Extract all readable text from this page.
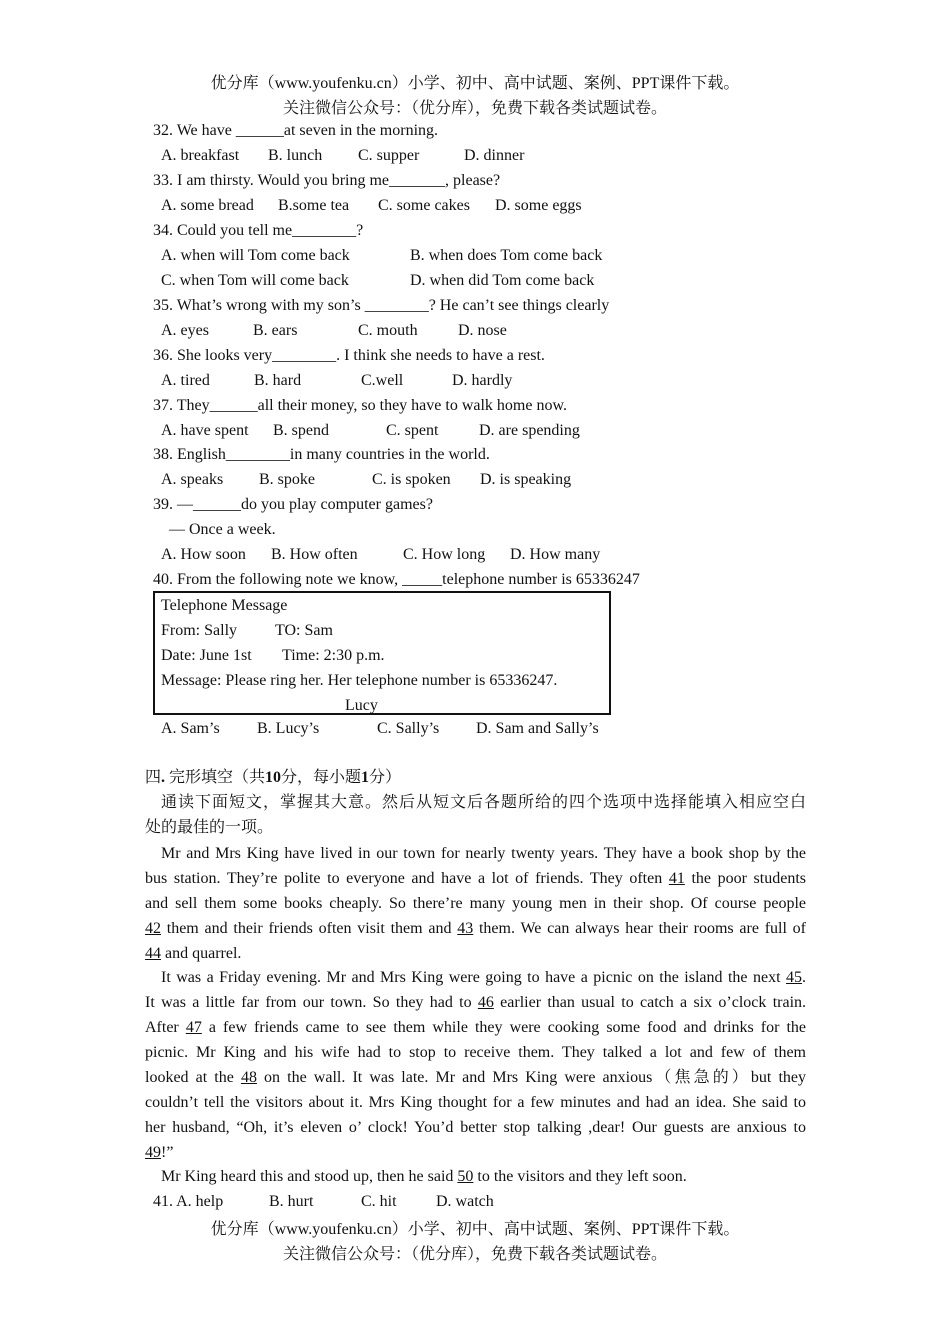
优分库（www.youfenku.cn）小学、初中、高中试题、案例、PPT课件下载。
关注微信公众号：（优分库），免费下载各类试题试卷。
32. We have ______at seven in the morning.
A. breakfast B. lunch C. supper	D. dinner
33. I am thirsty. Would you bring me_______, please?
A. some bread B.some tea C. some cakes D. some eggs
34. Could you tell me________?
A. when will Tom come back	B. when does Tom come back
C. when Tom will come back	D. when did Tom come back
35. What’s wrong with my son’s ________? He can’t see things clearly
A. eyes	B. ears	C. mouth	D. nose
36. She looks very________. I think she needs to have a rest.
A. tired	B. hard	C.well	D. hardly
37. They______all their money, so they have to walk home now.
A. have spent B. spend	C. spent	D. are spending
38. English________in many countries in the world.
A. speaks B. spoke	C. is spoken D. is speaking
39. —______do you play computer games?
— Once a week.
A. How soon B. How often	C. How long D. How many
40. From the following note we know, _____telephone number is 65336247
Telephone Message
From: Sally TO: Sam
Date: June 1st Time: 2:30 p.m.
Message: Please ring her. Her telephone number is 65336247.
Lucy
A. Sam’s B. Lucy’s	C. Sally’s D. Sam and Sally’s
四. 完形填空（共10分，每小题1分）
通读下面短文，掌握其大意。然后从短文后各题所给的四个选项中选择能填入相应空白
处的最佳的一项。
Mr and Mrs King have lived in our town for nearly twenty years. They have a book shop by the
bus station. They’re polite to everyone and have a lot of friends. They often 41 the poor students
and sell them some books cheaply. So there’re many young men in their shop. Of course people
42 them and their friends often visit them and 43 them. We can always hear their rooms are full of
44 and quarrel.
It was a Friday evening. Mr and Mrs King were going to have a picnic on the island the next 45.
It was a little far from our town. So they had to 46 earlier than usual to catch a six o’clock train.
After 47 a few friends came to see them while they were cooking some food and drinks for the
picnic. Mr King and his wife had to stop to receive them. They talked a lot and few of them
looked at the 48 on the wall. It was late. Mr and Mrs King were anxious（焦急的）but they
couldn’t tell the visitors about it. Mrs King thought for a few minutes and had an idea. She said to
her husband, “Oh, it’s eleven o’ clock! You’d better stop talking ,dear! Our guests are anxious to
49!”
Mr King heard this and stood up, then he said 50 to the visitors and they left soon.
41. A. help	B. hurt	C. hit D. watch
优分库（www.youfenku.cn）小学、初中、高中试题、案例、PPT课件下载。
关注微信公众号：（优分库），免费下载各类试题试卷。
